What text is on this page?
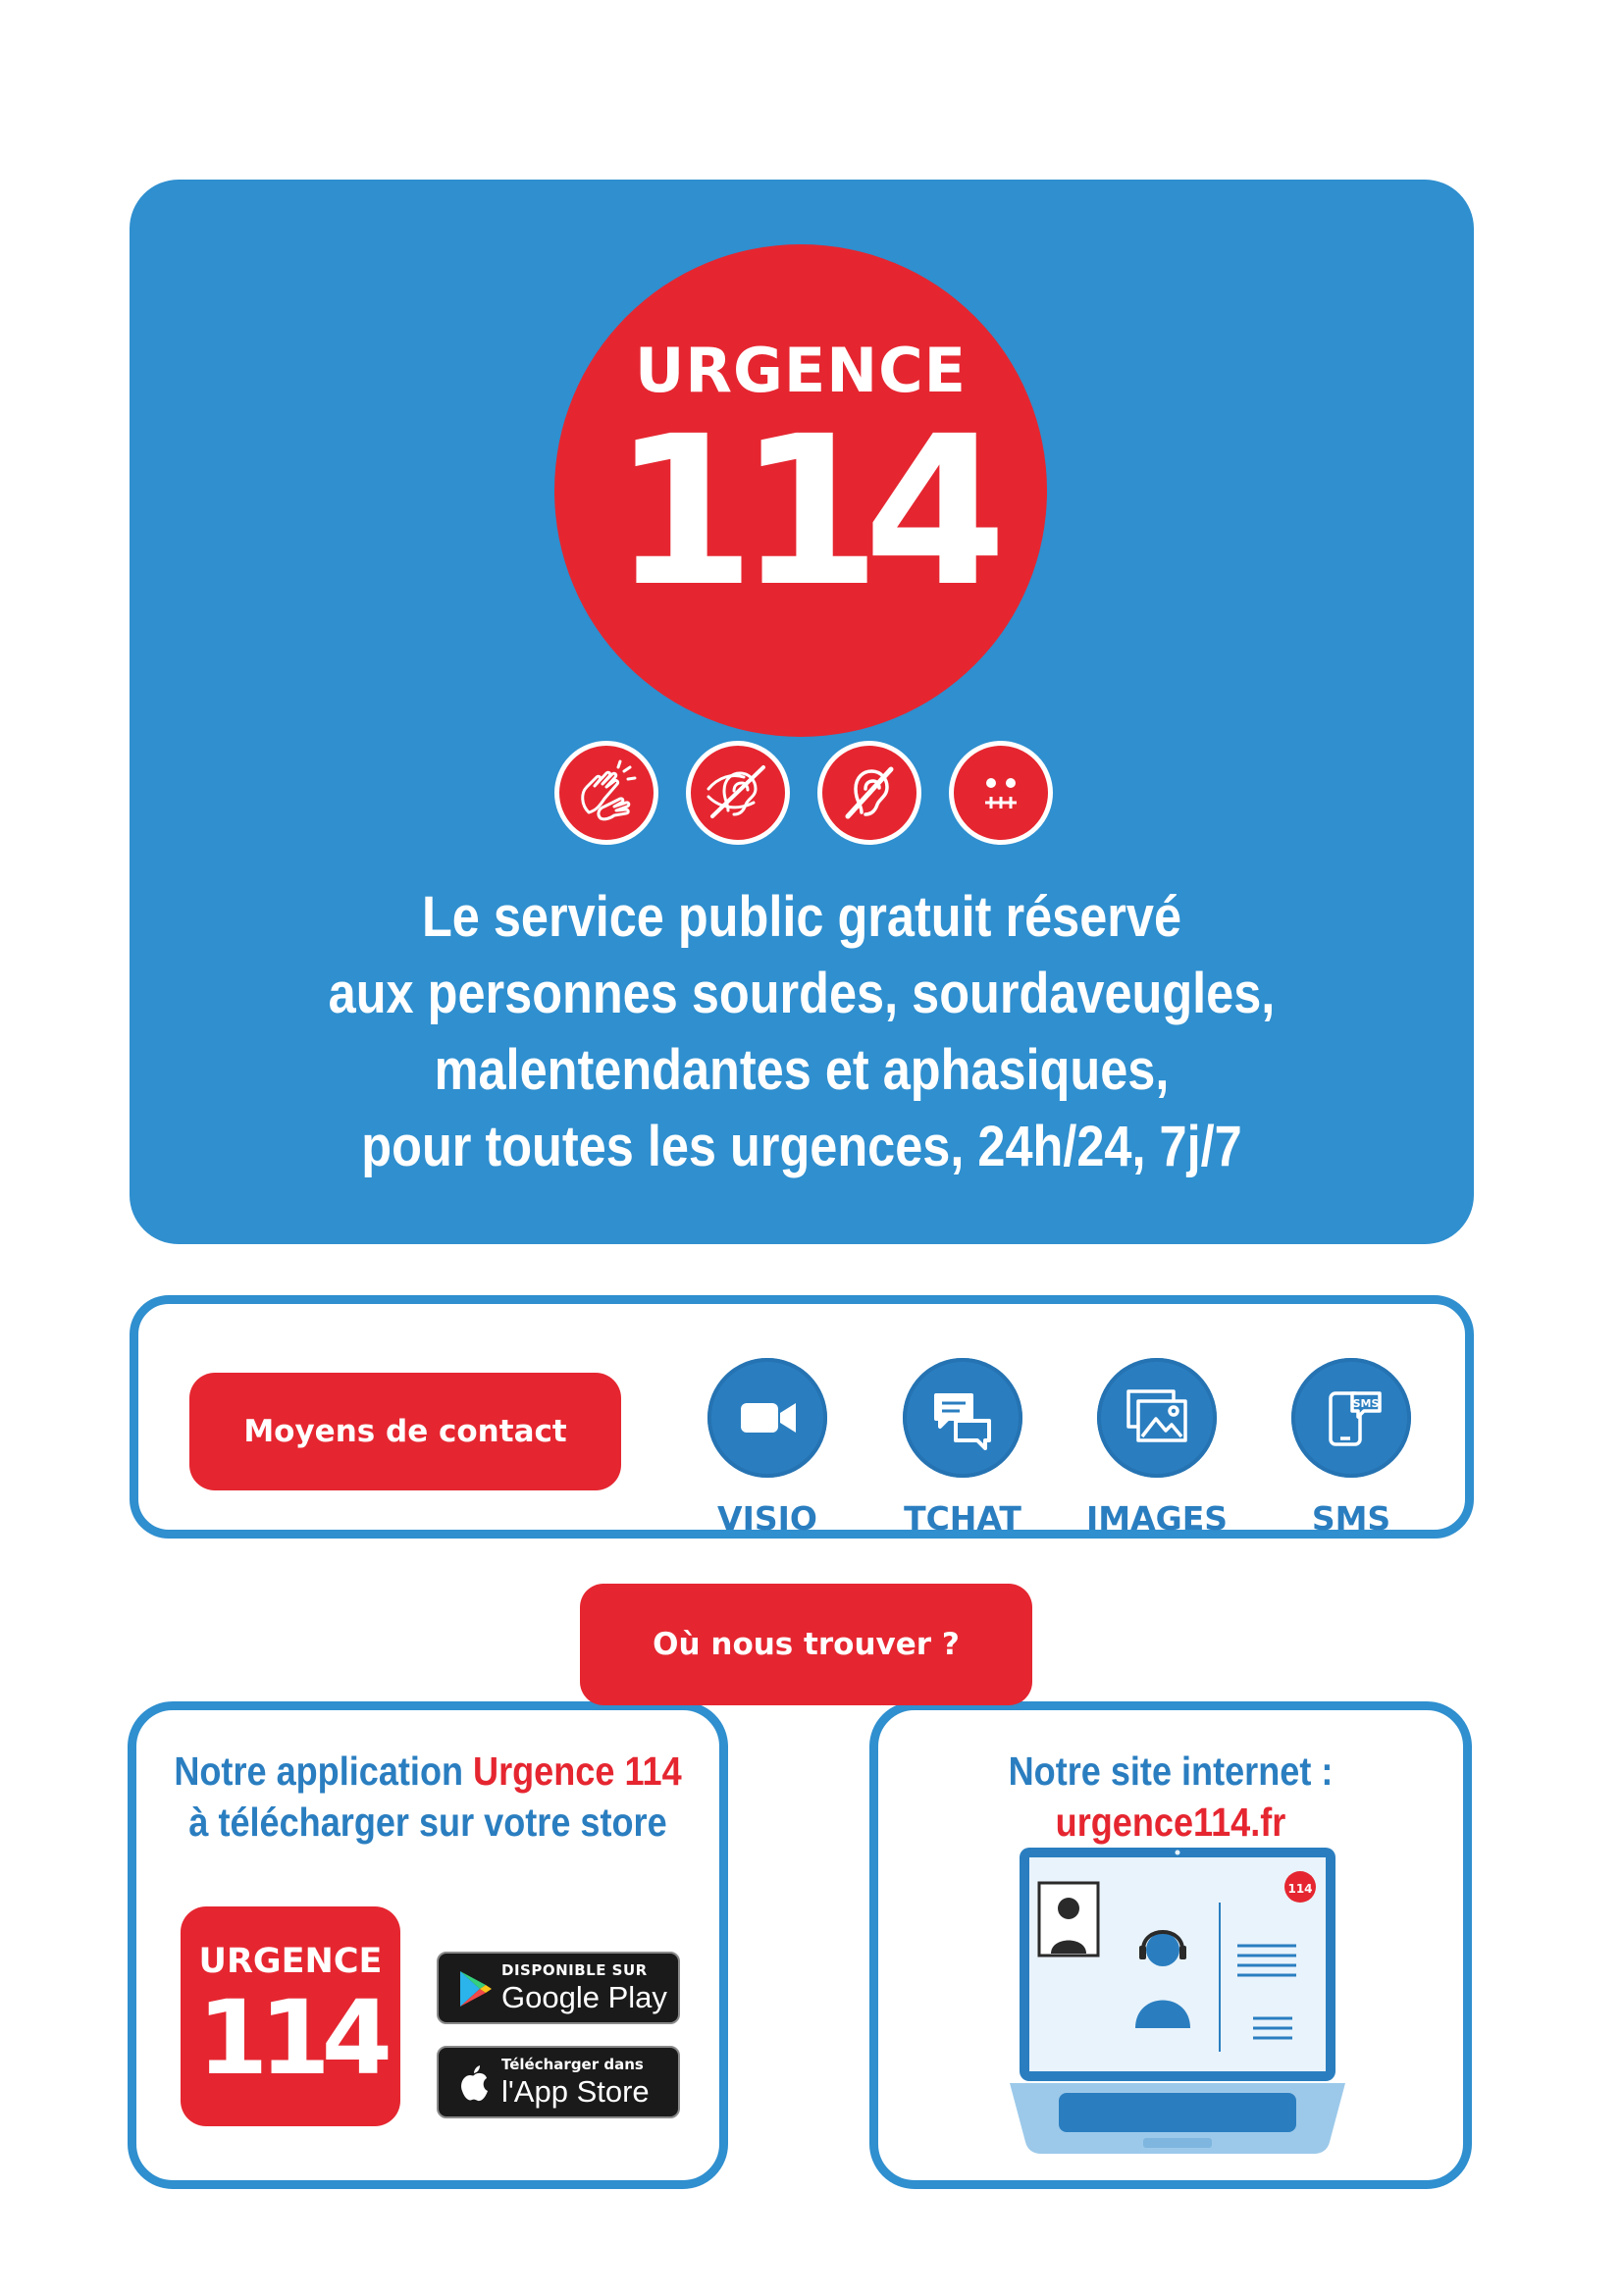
URGENCE
114
Le service public gratuit réservé
aux personnes sourdes, sourdaveugles,
malentendantes et aphasiques,
pour toutes les urgences, 24h/24, 7j/7
Moyens de contact
VISIO	TCHAT	IMAGES
SMS
SMS
Où nous trouver ?
Notre application Urgence 114
à télécharger sur votre store
URGENCE
114
DISPONIBLE SUR
Google Play
Télécharger dans
l'App Store
Notre site internet :
urgence114.fr
114
